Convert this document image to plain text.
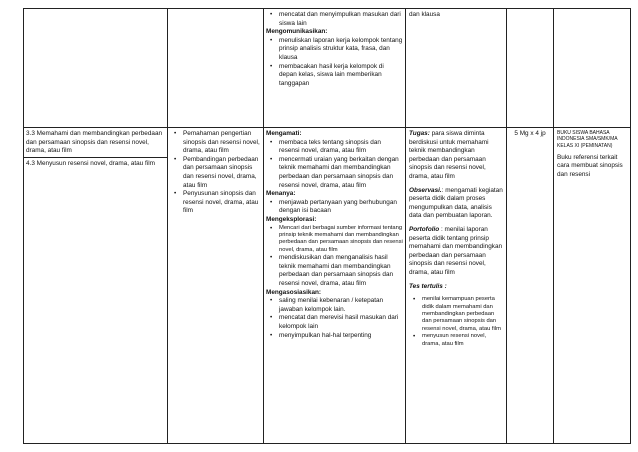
• mencatat dan menyimpulkan masukan dari siswa lain

Mengomunikasikan:

• menuliskan laporan kerja kelompok tentang prinsip analisis struktur kata, frasa, dan klausa
• membacakan hasil kerja kelompok di depan kelas, siswa lain memberikan tanggapan

dan klausa

3.3 Memahami dan membandingkan perbedaan dan persamaan sinopsis dan resensi novel, drama, atau film

4.3 Menyusun resensi novel, drama, atau film

• Pemahaman pengertian sinopsis dan resensi novel, drama, atau film
• Pembandingan perbedaan dan persamaan sinopsis dan resensi novel, drama, atau film
• Penyusunan sinopsis dan resensi novel, drama, atau film

Mengamati:

• membaca teks tentang sinopsis dan resensi novel, drama, atau film
• mencermati uraian yang berkaitan dengan teknik memahami dan membandingkan perbedaan dan persamaan sinopsis dan resensi novel, drama, atau film

Menanya:

• menjawab pertanyaan yang berhubungan dengan isi bacaan

Mengeksplorasi:

• Mencari dari berbagai sumber informasi tentang prinsip teknik memahami dan membandingkan perbedaan dan persamaan sinopsis dan resensi novel, drama, atau film
• mendiskusikan dan menganalisis hasil teknik memahami dan membandingkan perbedaan dan persamaan sinopsis dan resensi novel, drama, atau film

Mengasosiasikan:

• saling menilai kebenaran / ketepatan jawaban kelompok lain.
• mencatat dan merevisi hasil masukan dari kelompok lain
• menyimpulkan hal-hal terpenting

Tugas: para siswa diminta berdiskusi untuk memahami teknik membandingkan perbedaan dan persamaan sinopsis dan resensi novel, drama, atau film

Observasi.: mengamati kegiatan peserta didik dalam proses mengumpulkan data, analisis data dan pembuatan laporan.

Portofolio : menilai laporan peserta didik tentang prinsip memahami dan membandingkan perbedaan dan persamaan sinopsis dan resensi novel, drama, atau film

Tes tertulis :

• menilai kemampuan peserta didik dalam memahami dan membandingkan perbedaan dan persamaan sinopsis dan resensi novel, drama, atau film
• menyusun resensi novel, drama, atau film

5 Mg x 4 jp	BUKU SISWA BAHASA INDONESIA SMA/SMK/MA KELAS XI (PEMINATAN)

Buku referensi terkait cara membuat sinopsis dan resensi
